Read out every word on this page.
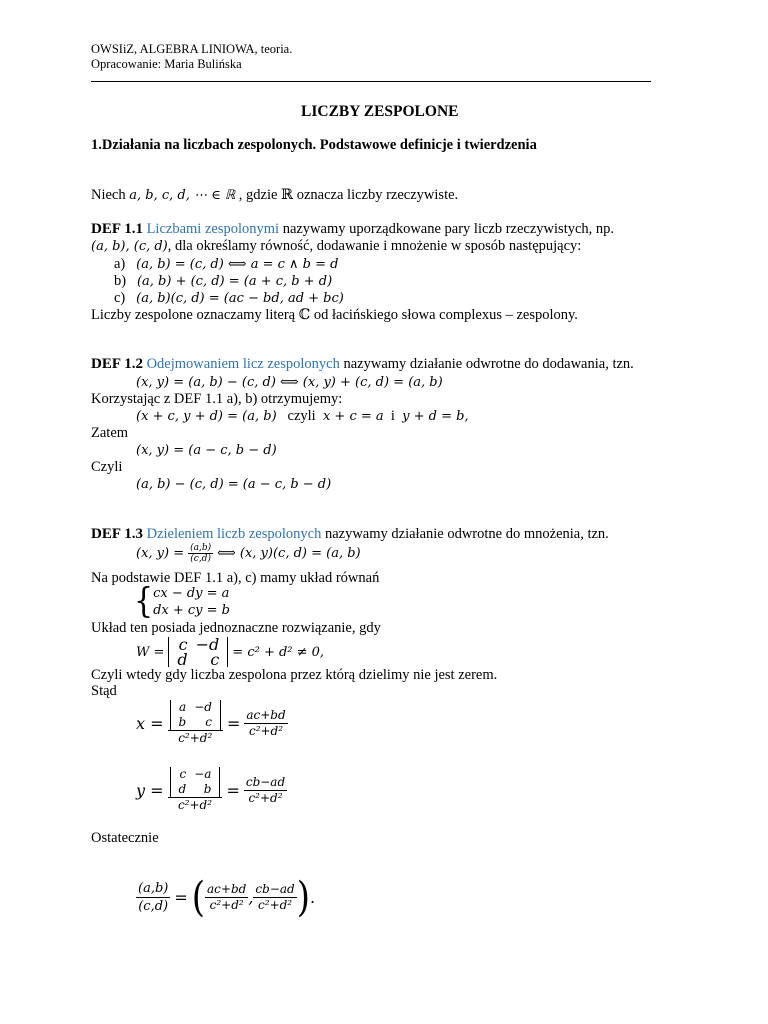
OWSIiZ, ALGEBRA LINIOWA, teoria.
Opracowanie: Maria Bulińska
LICZBY ZESPOLONE
1.Działania na liczbach zespolonych. Podstawowe definicje i twierdzenia
Niech a, b, c, d, ⋯ ∈ ℝ , gdzie ℝ oznacza liczby rzeczywiste.
DEF 1.1 Liczbami zespolonymi nazywamy uporządkowane pary liczb rzeczywistych, np.
(a, b), (c, d), dla określamy równość, dodawanie i mnożenie w sposób następujący:
a) (a, b) = (c, d) ⟺ a = c ∧ b = d
b) (a, b) + (c, d) = (a + c, b + d)
c) (a, b)(c, d) = (ac − bd, ad + bc)
Liczby zespolone oznaczamy literą ℂ od łacińskiego słowa complexus – zespolony.
DEF 1.2 Odejmowaniem licz zespolonych nazywamy działanie odwrotne do dodawania, tzn.
(x, y) = (a, b) − (c, d) ⟺ (x, y) + (c, d) = (a, b)
Korzystając z DEF 1.1 a), b) otrzymujemy:
(x + c, y + d) = (a, b) czyli x + c = a i y + d = b,
Zatem
(x, y) = (a − c, b − d)
Czyli
(a, b) − (c, d) = (a − c, b − d)
DEF 1.3 Dzieleniem liczb zespolonych nazywamy działanie odwrotne do mnożenia, tzn.
(x, $y) = \frac{(a,b)}{(c,d)}$ ⟺ (x, y)(c, d) = (a, b)
Na podstawie DEF 1.1 a), c) mamy układ równań
{ cx − dy = a
dx + cy = b
Układ ten posiada jednoznaczne rozwiązanie, gdy
W = c	−d
d	c = c² + d² ≠ 0,
Czyli wtedy gdy liczba zespolona przez którą dzielimy nie jest zerem.
Stąd
x = a	−d
b	c
$c^2+d^2 = \frac{ac+bd}{\text{c²+d²}}$
y = c	−a
d	b
$c^2+d^2 = \frac{cb-ad}{\text{c²+d²}}$
Ostatecznie
$\frac{(a,b)}{(c,d)}$ = ( $\frac{ac+bd}{\text{c²+d²}}$ , $\frac{cb-ad}{\text{c²+d²}}$ ).
